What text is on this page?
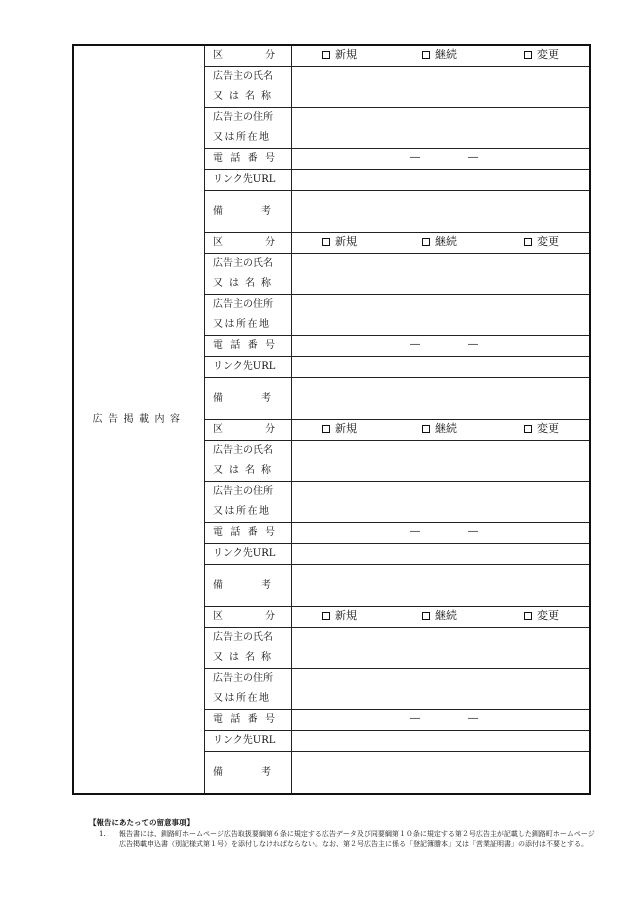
広告掲載内容	区 分	新規 継続 変更

	広告主の氏名
又は名称	

	広告主の住所
又は所在地	

	電 話 番 号	― ―

	リンク先URL	

	備 考	

	区 分	新規 継続 変更

	広告主の氏名
又は名称	

	広告主の住所
又は所在地	

	電 話 番 号	― ―

	リンク先URL	

	備 考	

	区 分	新規 継続 変更

	広告主の氏名
又は名称	

	広告主の住所
又は所在地	

	電 話 番 号	― ―

	リンク先URL	

	備 考	

	区 分	新規 継続 変更

	広告主の氏名
又は名称	

	広告主の住所
又は所在地	

	電 話 番 号	― ―

	リンク先URL	

	備 考	

【報告にあたっての留意事項】
1. 報告書には、釧路町ホームページ広告取扱要綱第６条に規定する広告データ及び同要綱第１０条に規定する第２号広告主が記載した釧路町ホームページ広告掲載申込書（別記様式第１号）を添付しなければならない。なお、第２号広告主に係る「登記簿謄本」又は「営業証明書」の添付は不要とする。
